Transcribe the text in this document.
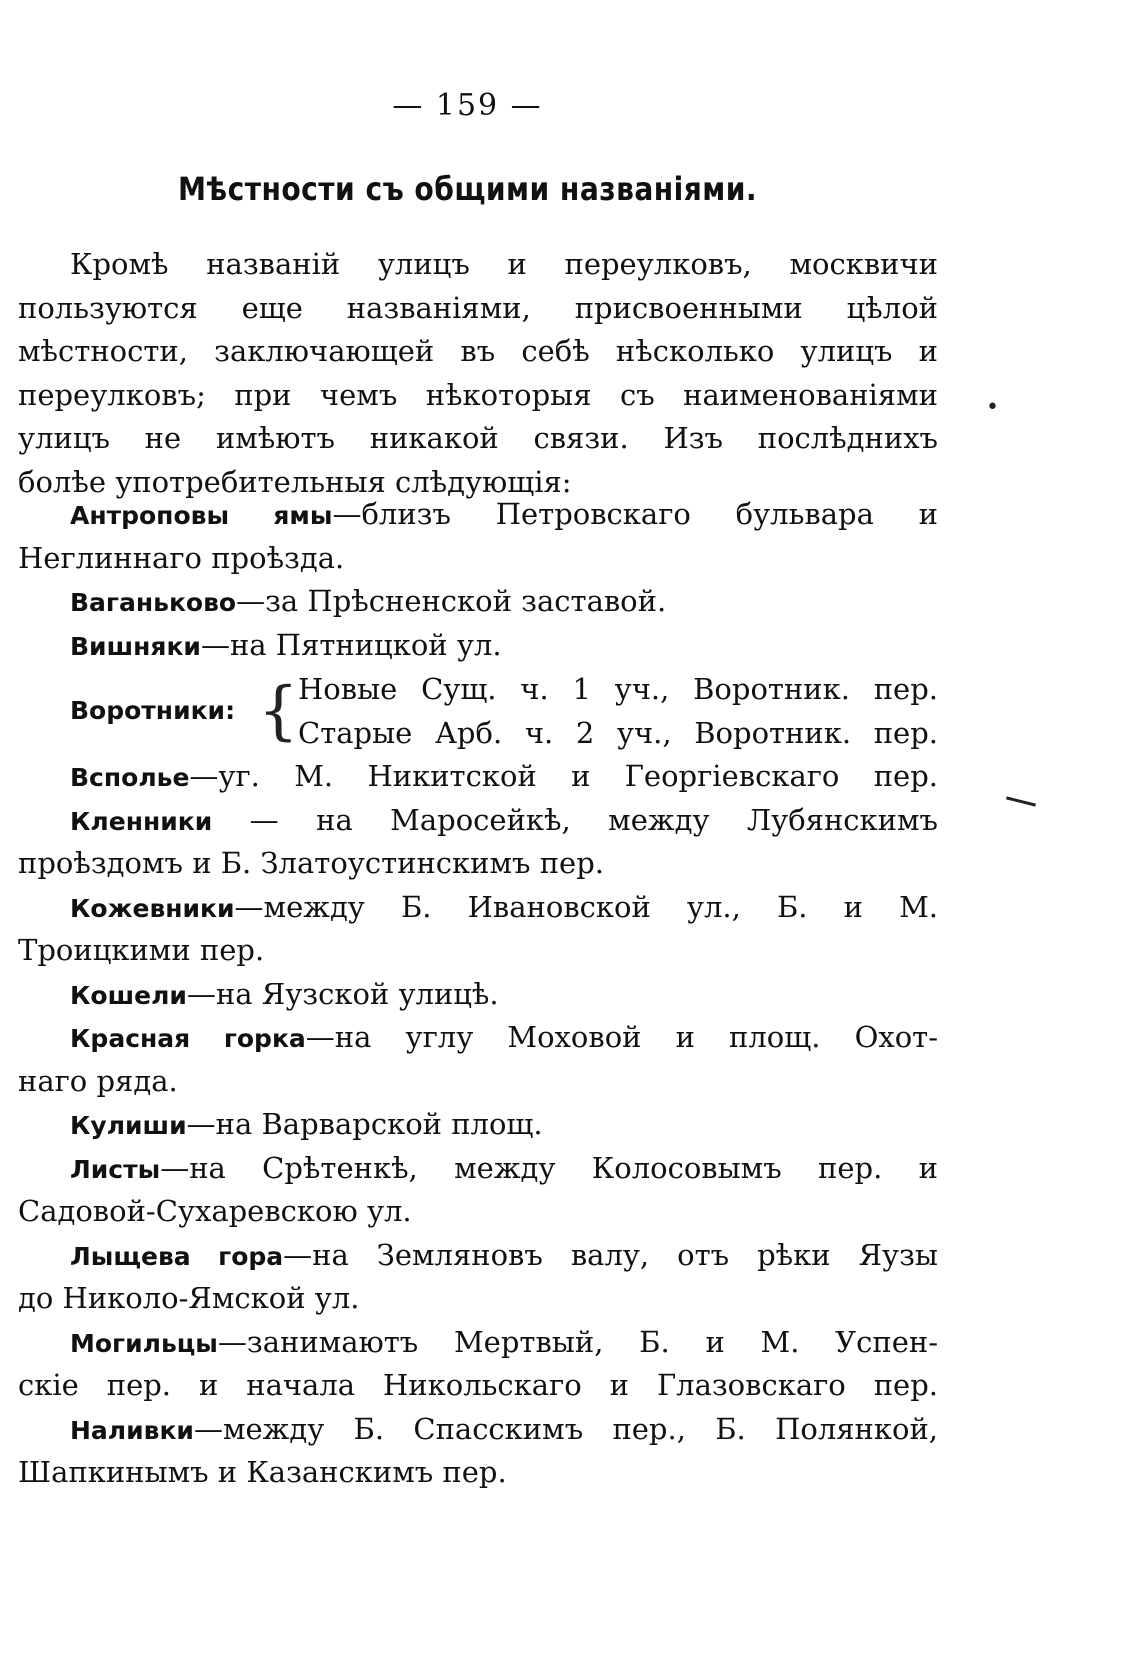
— 159 —
Мѣстности съ общими названіями.
Кромѣ названій улицъ и переулковъ, москвичи
пользуются еще названіями, присвоенными цѣлой
мѣстности, заключающей въ себѣ нѣсколько улицъ и
переулковъ; при чемъ нѣкоторыя съ наименованіями
улицъ не имѣютъ никакой связи. Изъ послѣднихъ
болѣе употребительныя слѣдующія:
Антроповы ямы—близъ Петровскаго бульвара и
Неглиннаго проѣзда.
Ваганьково—за Прѣсненской заставой.
Вишняки—на Пятницкой ул.
Воротники: { Новые Сущ. ч. 1 уч., Воротник. пер.
Старые Арб. ч. 2 уч., Воротник. пер.
Всполье—уг. М. Никитской и Георгіевскаго пер.
Кленники — на Маросейкѣ, между Лубянскимъ
проѣздомъ и Б. Златоустинскимъ пер.
Кожевники—между Б. Ивановской ул., Б. и М.
Троицкими пер.
Кошели—на Яузской улицѣ.
Красная горка—на углу Моховой и площ. Охот-
наго ряда.
Кулиши—на Варварской площ.
Листы—на Срѣтенкѣ, между Колосовымъ пер. и
Садовой-Сухаревскою ул.
Лыщева гора—на Земляновъ валу, отъ рѣки Яузы
до Николо-Ямской ул.
Могильцы—занимаютъ Мертвый, Б. и М. Успен-
скіе пер. и начала Никольскаго и Глазовскаго пер.
Наливки—между Б. Спасскимъ пер., Б. Полянкой,
Шапкинымъ и Казанскимъ пер.
•
